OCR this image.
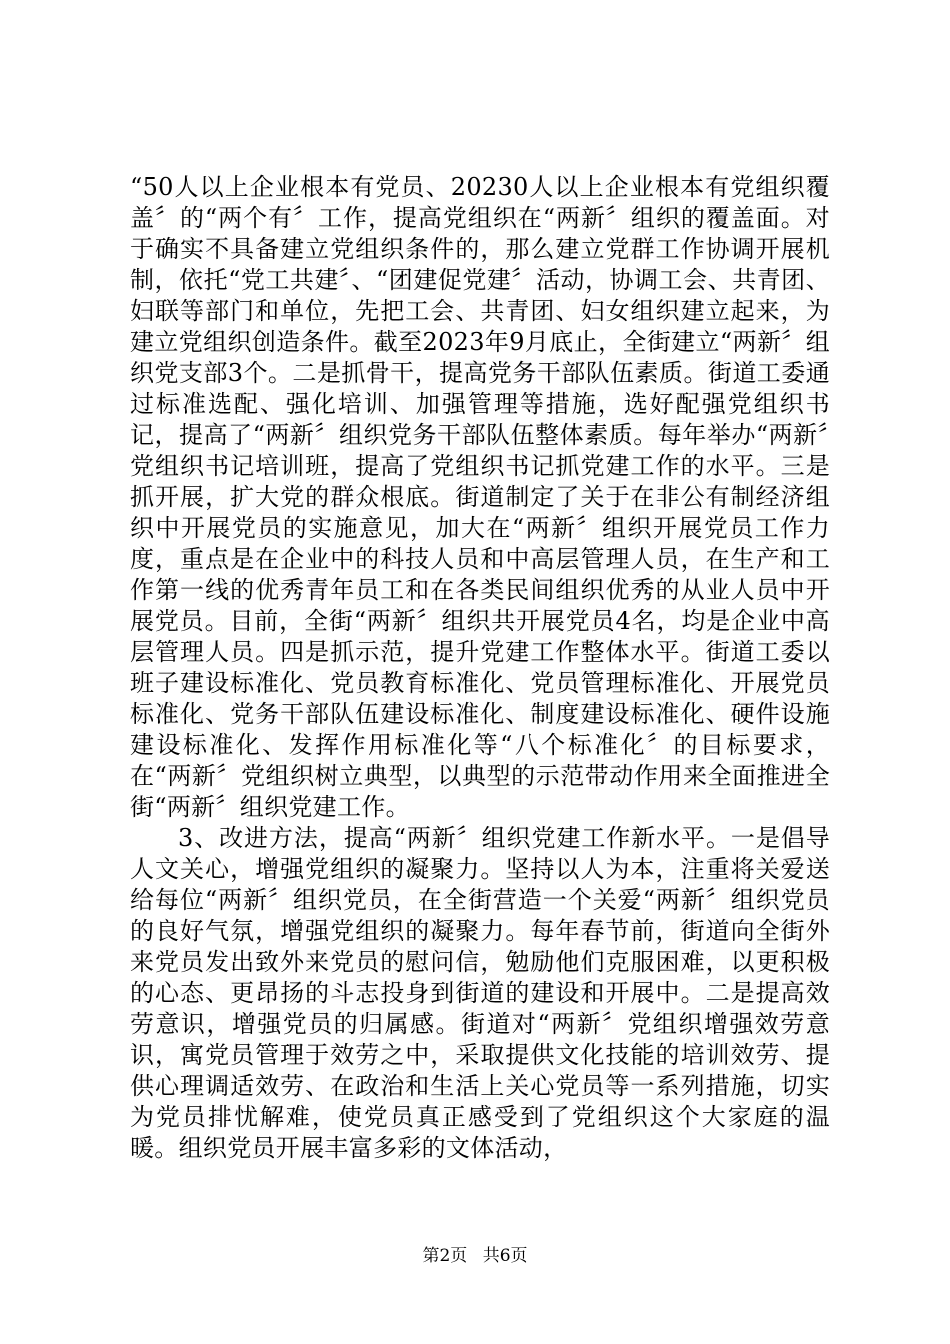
“50人以上企业根本有党员、20230人以上企业根本有党组织覆盖〞的“两个有〞工作，提高党组织在“两新〞组织的覆盖面。对于确实不具备建立党组织条件的，那么建立党群工作协调开展机制，依托“党工共建〞、“团建促党建〞活动，协调工会、共青团、妇联等部门和单位，先把工会、共青团、妇女组织建立起来，为建立党组织创造条件。截至2023年9月底止，全街建立“两新〞组织党支部3个。二是抓骨干，提高党务干部队伍素质。街道工委通过标准选配、强化培训、加强管理等措施，选好配强党组织书记，提高了“两新〞组织党务干部队伍整体素质。每年举办“两新〞党组织书记培训班，提高了党组织书记抓党建工作的水平。三是抓开展，扩大党的群众根底。街道制定了关于在非公有制经济组织中开展党员的实施意见，加大在“两新〞组织开展党员工作力度，重点是在企业中的科技人员和中高层管理人员，在生产和工作第一线的优秀青年员工和在各类民间组织优秀的从业人员中开展党员。目前，全街“两新〞组织共开展党员4名，均是企业中高层管理人员。四是抓示范，提升党建工作整体水平。街道工委以班子建设标准化、党员教育标准化、党员管理标准化、开展党员标准化、党务干部队伍建设标准化、制度建设标准化、硬件设施建设标准化、发挥作用标准化等“八个标准化〞的目标要求，在“两新〞党组织树立典型，以典型的示范带动作用来全面推进全街“两新〞组织党建工作。

3、改进方法，提高“两新〞组织党建工作新水平。一是倡导人文关心，增强党组织的凝聚力。坚持以人为本，注重将关爱送给每位“两新〞组织党员，在全街营造一个关爱“两新〞组织党员的良好气氛，增强党组织的凝聚力。每年春节前，街道向全街外来党员发出致外来党员的慰问信，勉励他们克服困难，以更积极的心态、更昂扬的斗志投身到街道的建设和开展中。二是提高效劳意识，增强党员的归属感。街道对“两新〞党组织增强效劳意识，寓党员管理于效劳之中，采取提供文化技能的培训效劳、提供心理调适效劳、在政治和生活上关心党员等一系列措施，切实为党员排忧解难，使党员真正感受到了党组织这个大家庭的温暖。组织党员开展丰富多彩的文体活动，

第2页 共6页
